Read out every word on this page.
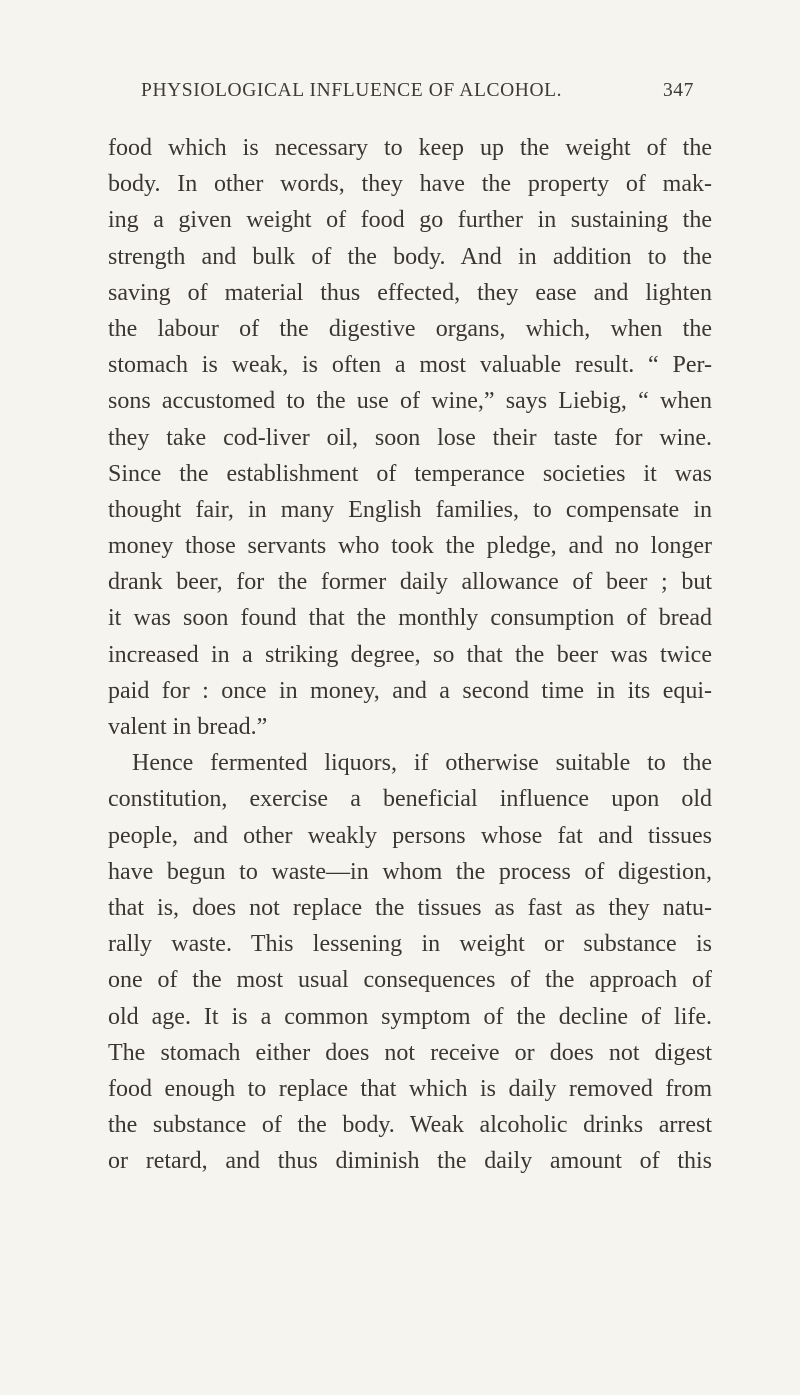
PHYSIOLOGICAL INFLUENCE OF ALCOHOL.	347
food which is necessary to keep up the weight of the
body. In other words, they have the property of mak-
ing a given weight of food go further in sustaining the
strength and bulk of the body. And in addition to the
saving of material thus effected, they ease and lighten
the labour of the digestive organs, which, when the
stomach is weak, is often a most valuable result. “ Per-
sons accustomed to the use of wine,” says Liebig, “ when
they take cod-liver oil, soon lose their taste for wine.
Since the establishment of temperance societies it was
thought fair, in many English families, to compensate in
money those servants who took the pledge, and no longer
drank beer, for the former daily allowance of beer ; but
it was soon found that the monthly consumption of bread
increased in a striking degree, so that the beer was twice
paid for : once in money, and a second time in its equi-
valent in bread.”
Hence fermented liquors, if otherwise suitable to the
constitution, exercise a beneficial influence upon old
people, and other weakly persons whose fat and tissues
have begun to waste—in whom the process of digestion,
that is, does not replace the tissues as fast as they natu-
rally waste. This lessening in weight or substance is
one of the most usual consequences of the approach of
old age. It is a common symptom of the decline of life.
The stomach either does not receive or does not digest
food enough to replace that which is daily removed from
the substance of the body. Weak alcoholic drinks arrest
or retard, and thus diminish the daily amount of this
